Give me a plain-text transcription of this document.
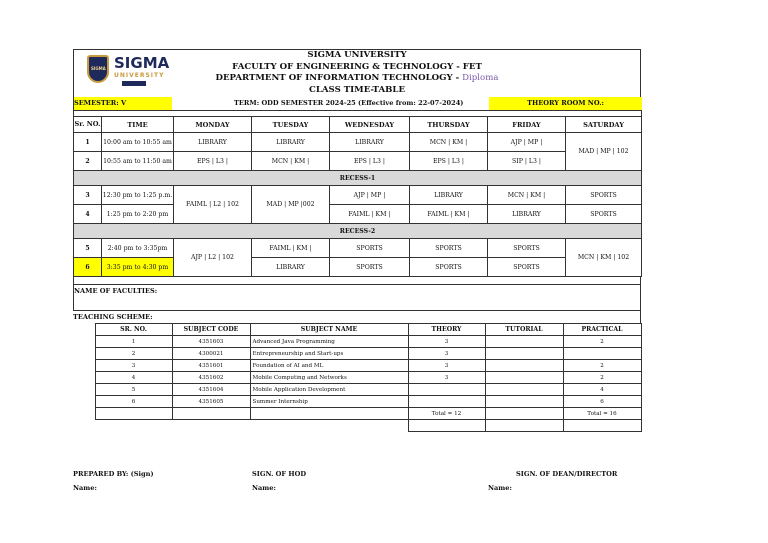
SIGMA SIGMA
UNIVERSITY
SIGMA UNIVERSITY
FACULTY OF ENGINEERING & TECHNOLOGY - FET
DEPARTMENT OF INFORMATION TECHNOLOGY - Diploma
CLASS TIME-TABLE
SEMESTER: V	TERM: ODD SEMESTER 2024-25 (Effective from: 22-07-2024)	THEORY ROOM NO.:

Sr. NO.	TIME	MONDAY	TUESDAY	WEDNESDAY	THURSDAY	FRIDAY	SATURDAY
1	10:00 am to 10:55 am	LIBRARY	LIBRARY	LIBRARY	MCN | KM |	AJP | MP |	MAD | MP | 102
2	10:55 am to 11:50 am	EPS | L3 |	MCN | KM |	EPS | L3 |	EPS | L3 |	SIP | L3 |	
RECESS-1							
3	12:30 pm to 1:25 p.m.	FAIML | L2 | 102	MAD | MP |002	AJP | MP |	LIBRARY	MCN | KM |	SPORTS
4	1:25 pm to 2:20 pm			FAIML | KM |	FAIML | KM |	LIBRARY	SPORTS
RECESS-2							
5	2:40 pm to 3:35pm	AJP | L2 | 102	FAIML | KM |	SPORTS	SPORTS	SPORTS	MCN | KM | 102
6	3:35 pm to 4:30 pm		LIBRARY	SPORTS	SPORTS	SPORTS	
NAME OF FACULTIES:
TEACHING SCHEME:
	SR. NO.	SUBJECT CODE	SUBJECT NAME	THEORY	TUTORIAL	PRACTICAL
	1	4351603	Advanced Java Programming	3		2
	2	4300021	Entrepreneurship and Start-ups	3		
	3	4351601	Foundation of AI and ML	3		2
	4	4351602	Mobile Computing and Networks	3		2
	5	4351604	Mobile Application Development			4
	6	4351605	Summer Internship			6
				Total = 12		Total = 16

PREPARED BY: (Sign)	SIGN. OF HOD	SIGN. OF DEAN/DIRECTOR
Name:	Name:	Name:
